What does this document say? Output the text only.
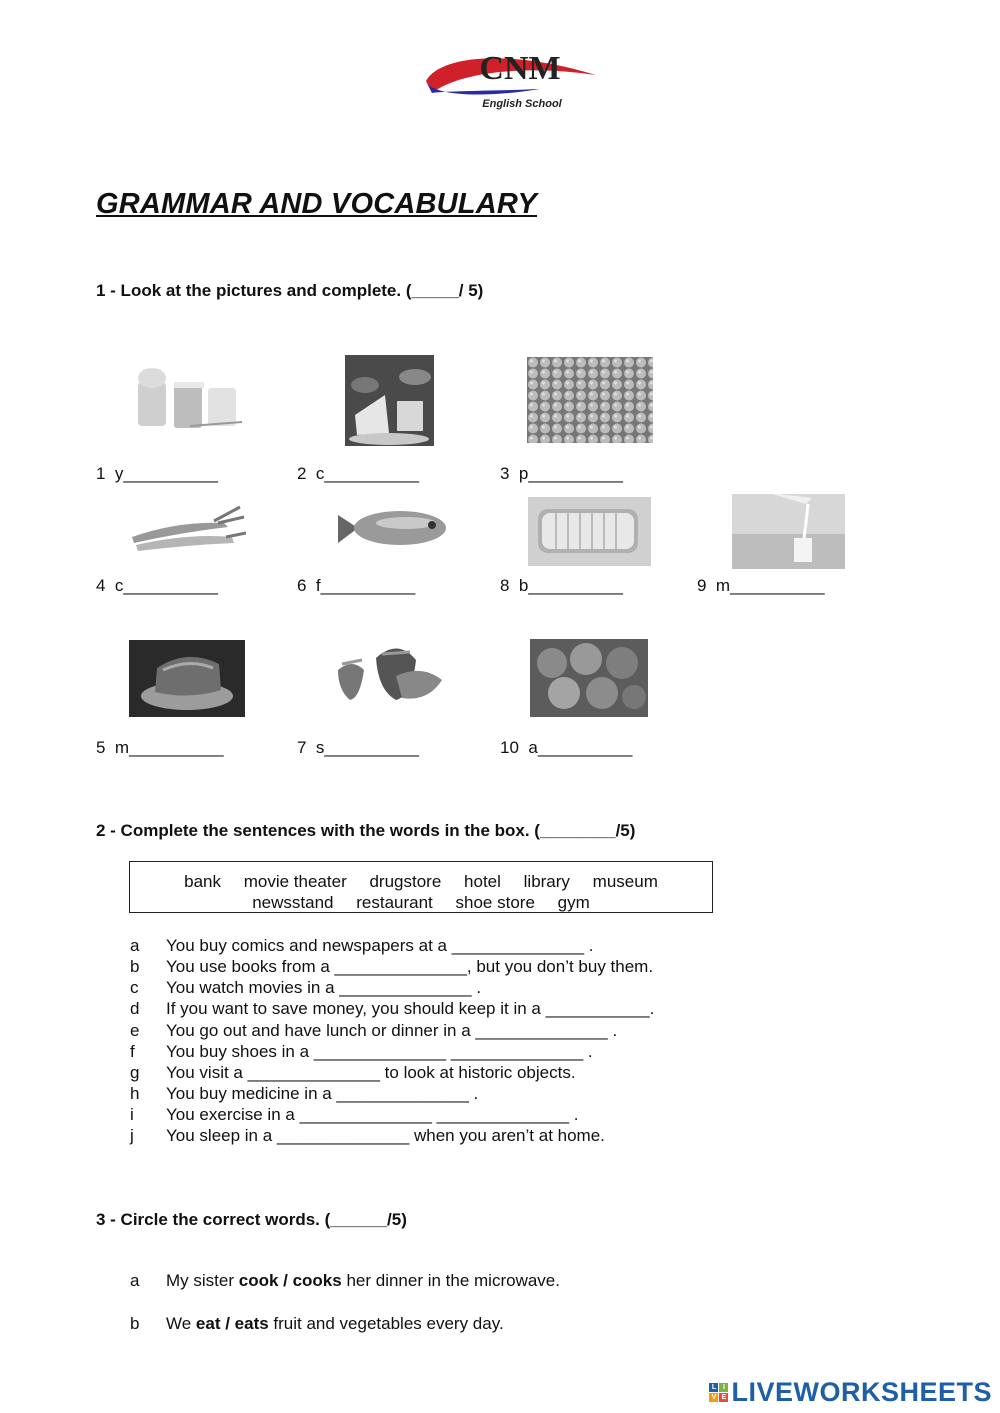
CNM
English School
GRAMMAR AND VOCABULARY
1 - Look at the pictures and complete. (_____/ 5)
1 y__________	2 c__________	3 p__________
4 c__________	6 f__________	8 b__________	9 m__________
5 m__________	7 s__________	10 a__________
2 - Complete the sentences with the words in the box. (________/5)
bank movie theater drugstore hotel library museum
newsstand restaurant shoe store gym
a You buy comics and newspapers at a ______________ .
b You use books from a ______________, but you don’t buy them.
c You watch movies in a ______________ .
d If you want to save money, you should keep it in a ___________.
e You go out and have lunch or dinner in a ______________ .
f You buy shoes in a ______________ ______________ .
g You visit a ______________ to look at historic objects.
h You buy medicine in a ______________ .
i You exercise in a ______________ ______________ .
j You sleep in a ______________ when you aren’t at home.
3 - Circle the correct words. (______/5)
a My sister cook / cooks her dinner in the microwave.
b We eat / eats fruit and vegetables every day.
L I
V E LIVEWORKSHEETS
